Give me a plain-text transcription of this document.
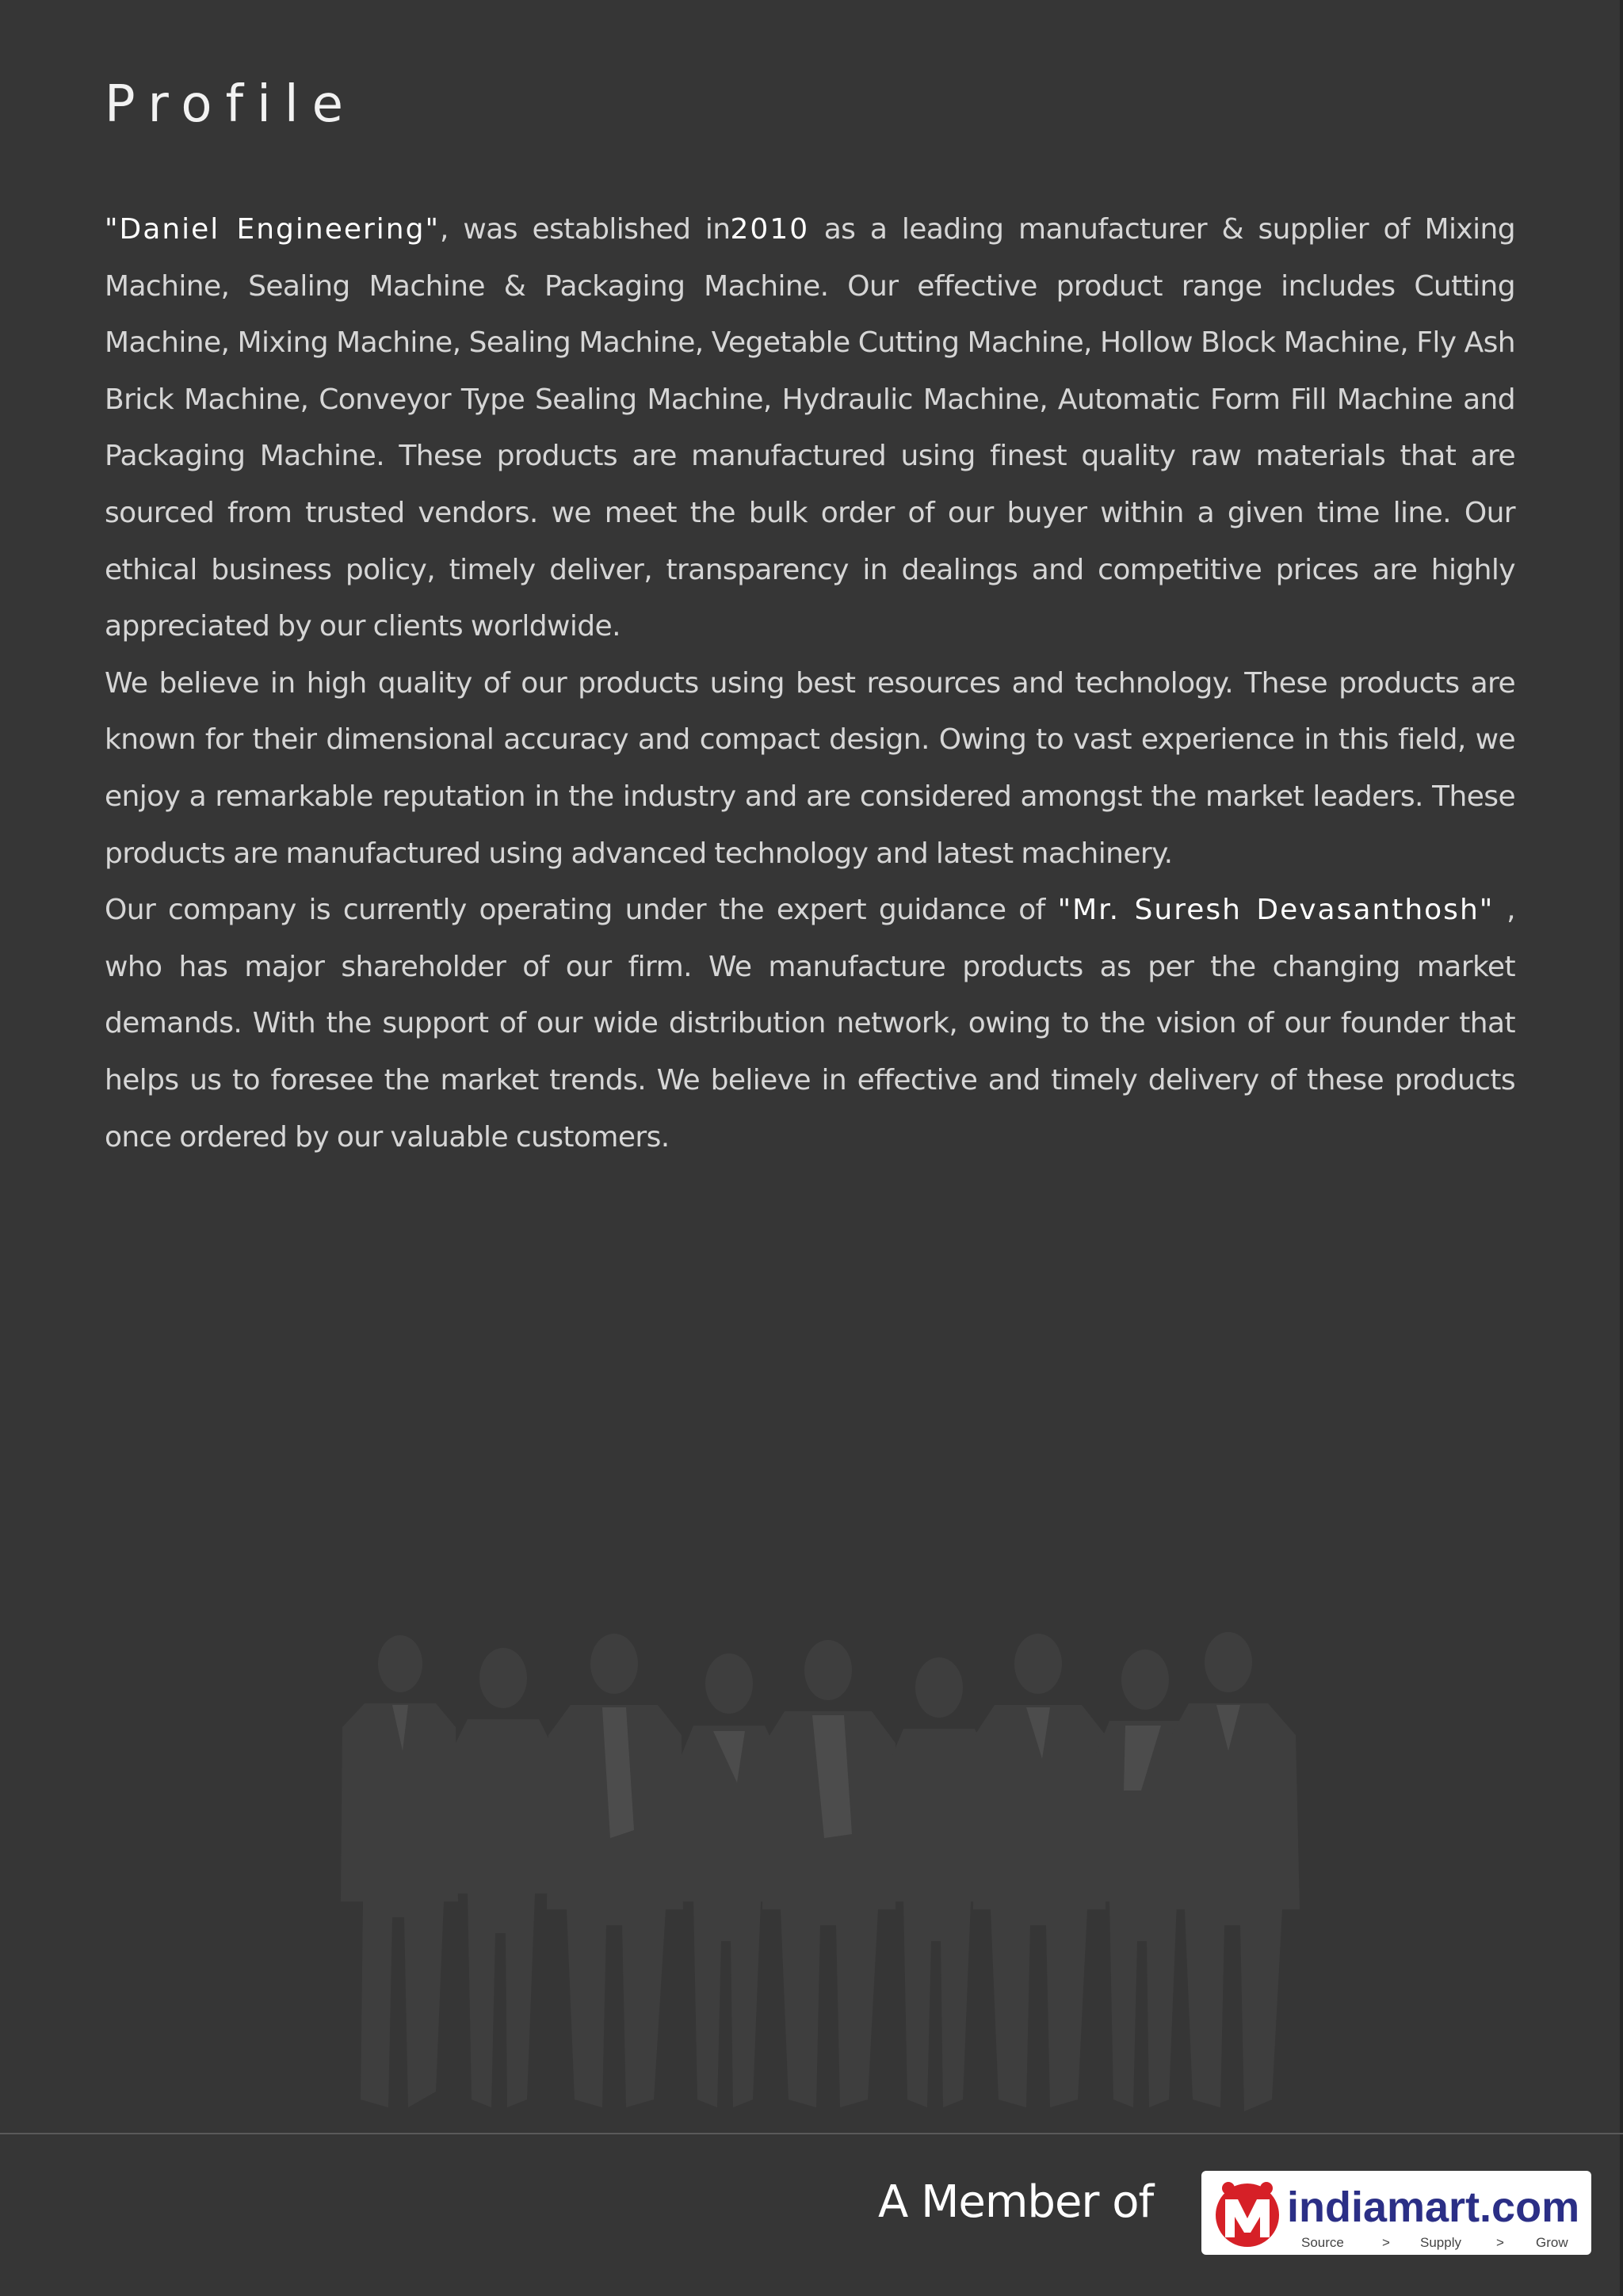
Profile

"Daniel Engineering", was established in2010 as a leading manufacturer & supplier of Mixing Machine, Sealing Machine & Packaging Machine. Our effective product range includes Cutting Machine, Mixing Machine, Sealing Machine, Vegetable Cutting Machine, Hollow Block Machine, Fly Ash Brick Machine, Conveyor Type Sealing Machine, Hydraulic Machine, Automatic Form Fill Machine and Packaging Machine. These products are manufactured using finest quality raw materials that are sourced from trusted vendors. we meet the bulk order of our buyer within a given time line. Our ethical business policy, timely deliver, transparency in dealings and competitive prices are highly appreciated by our clients worldwide.

We believe in high quality of our products using best resources and technology. These products are known for their dimensional accuracy and compact design. Owing to vast experience in this field, we enjoy a remarkable reputation in the industry and are considered amongst the market leaders. These products are manufactured using advanced technology and latest machinery.

Our company is currently operating under the expert guidance of "Mr. Suresh Devasanthosh" , who has major shareholder of our firm. We manufacture products as per the changing market demands. With the support of our wide distribution network, owing to the vision of our founder that helps us to foresee the market trends. We believe in effective and timely delivery of these products once ordered by our valuable customers.

A Member of	indiamart.com
Source	> Supply	> Grow
